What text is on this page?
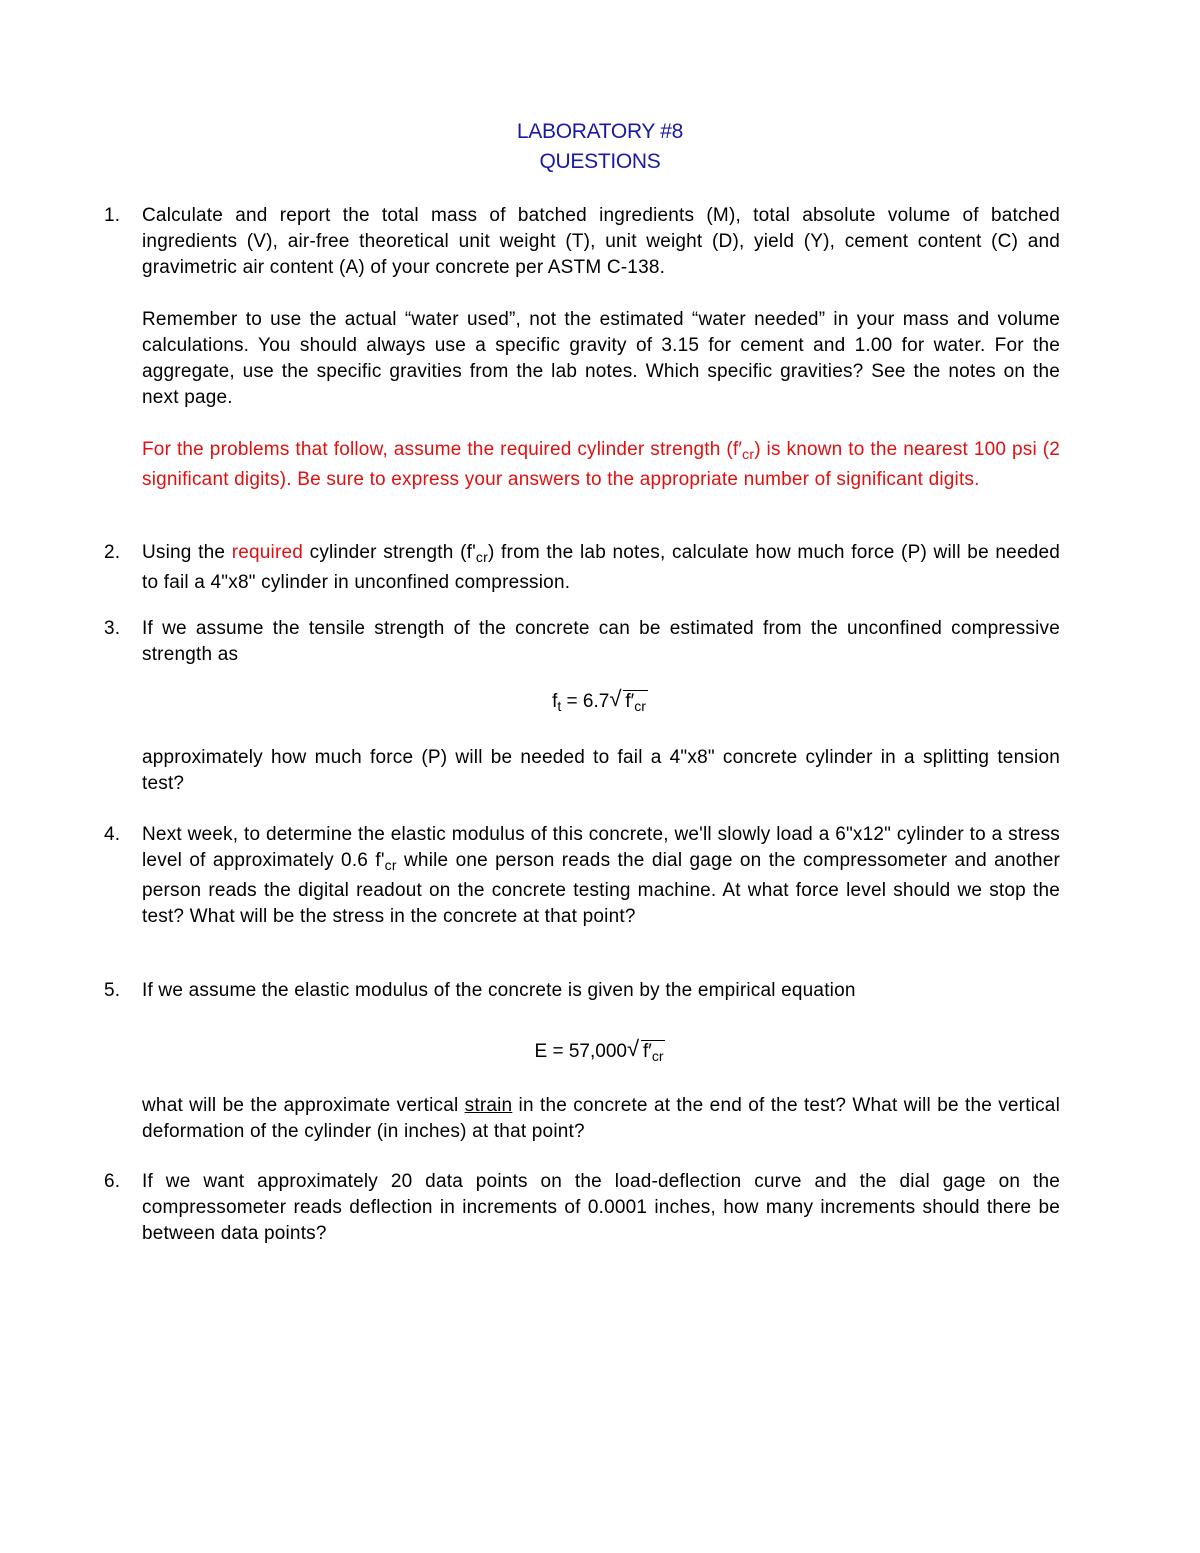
LABORATORY #8
QUESTIONS
1.	Calculate and report the total mass of batched ingredients (M), total absolute volume of batched ingredients (V), air-free theoretical unit weight (T), unit weight (D), yield (Y), cement content (C) and gravimetric air content (A) of your concrete per ASTM C-138.
Remember to use the actual “water used”, not the estimated “water needed” in your mass and volume calculations. You should always use a specific gravity of 3.15 for cement and 1.00 for water. For the aggregate, use the specific gravities from the lab notes. Which specific gravities? See the notes on the next page.
For the problems that follow, assume the required cylinder strength $(f'_{cr})$ is known to the nearest 100 psi (2 significant digits). Be sure to express your answers to the appropriate number of significant digits.
2.	Using the required cylinder strength $(f'_{cr})$ from the lab notes, calculate how much force (P) will be needed to fail a 4"x8" cylinder in unconfined compression.
3.	If we assume the tensile strength of the concrete can be estimated from the unconfined compressive strength as
$f_t = 6.7$ √ $f'_{cr}$
approximately how much force (P) will be needed to fail a 4"x8" concrete cylinder in a splitting tension test?
4.	Next week, to determine the elastic modulus of this concrete, we'll slowly load a 6"x12" cylinder to a stress level of approximately 0.6 $f'_{cr}$ while one person reads the dial gage on the compressometer and another person reads the digital readout on the concrete testing machine. At what force level should we stop the test? What will be the stress in the concrete at that point?
5.	If we assume the elastic modulus of the concrete is given by the empirical equation
E = 57,000 √ $f'_{cr}$
what will be the approximate vertical strain in the concrete at the end of the test? What will be the vertical deformation of the cylinder (in inches) at that point?
6.	If we want approximately 20 data points on the load-deflection curve and the dial gage on the compressometer reads deflection in increments of 0.0001 inches, how many increments should there be between data points?
